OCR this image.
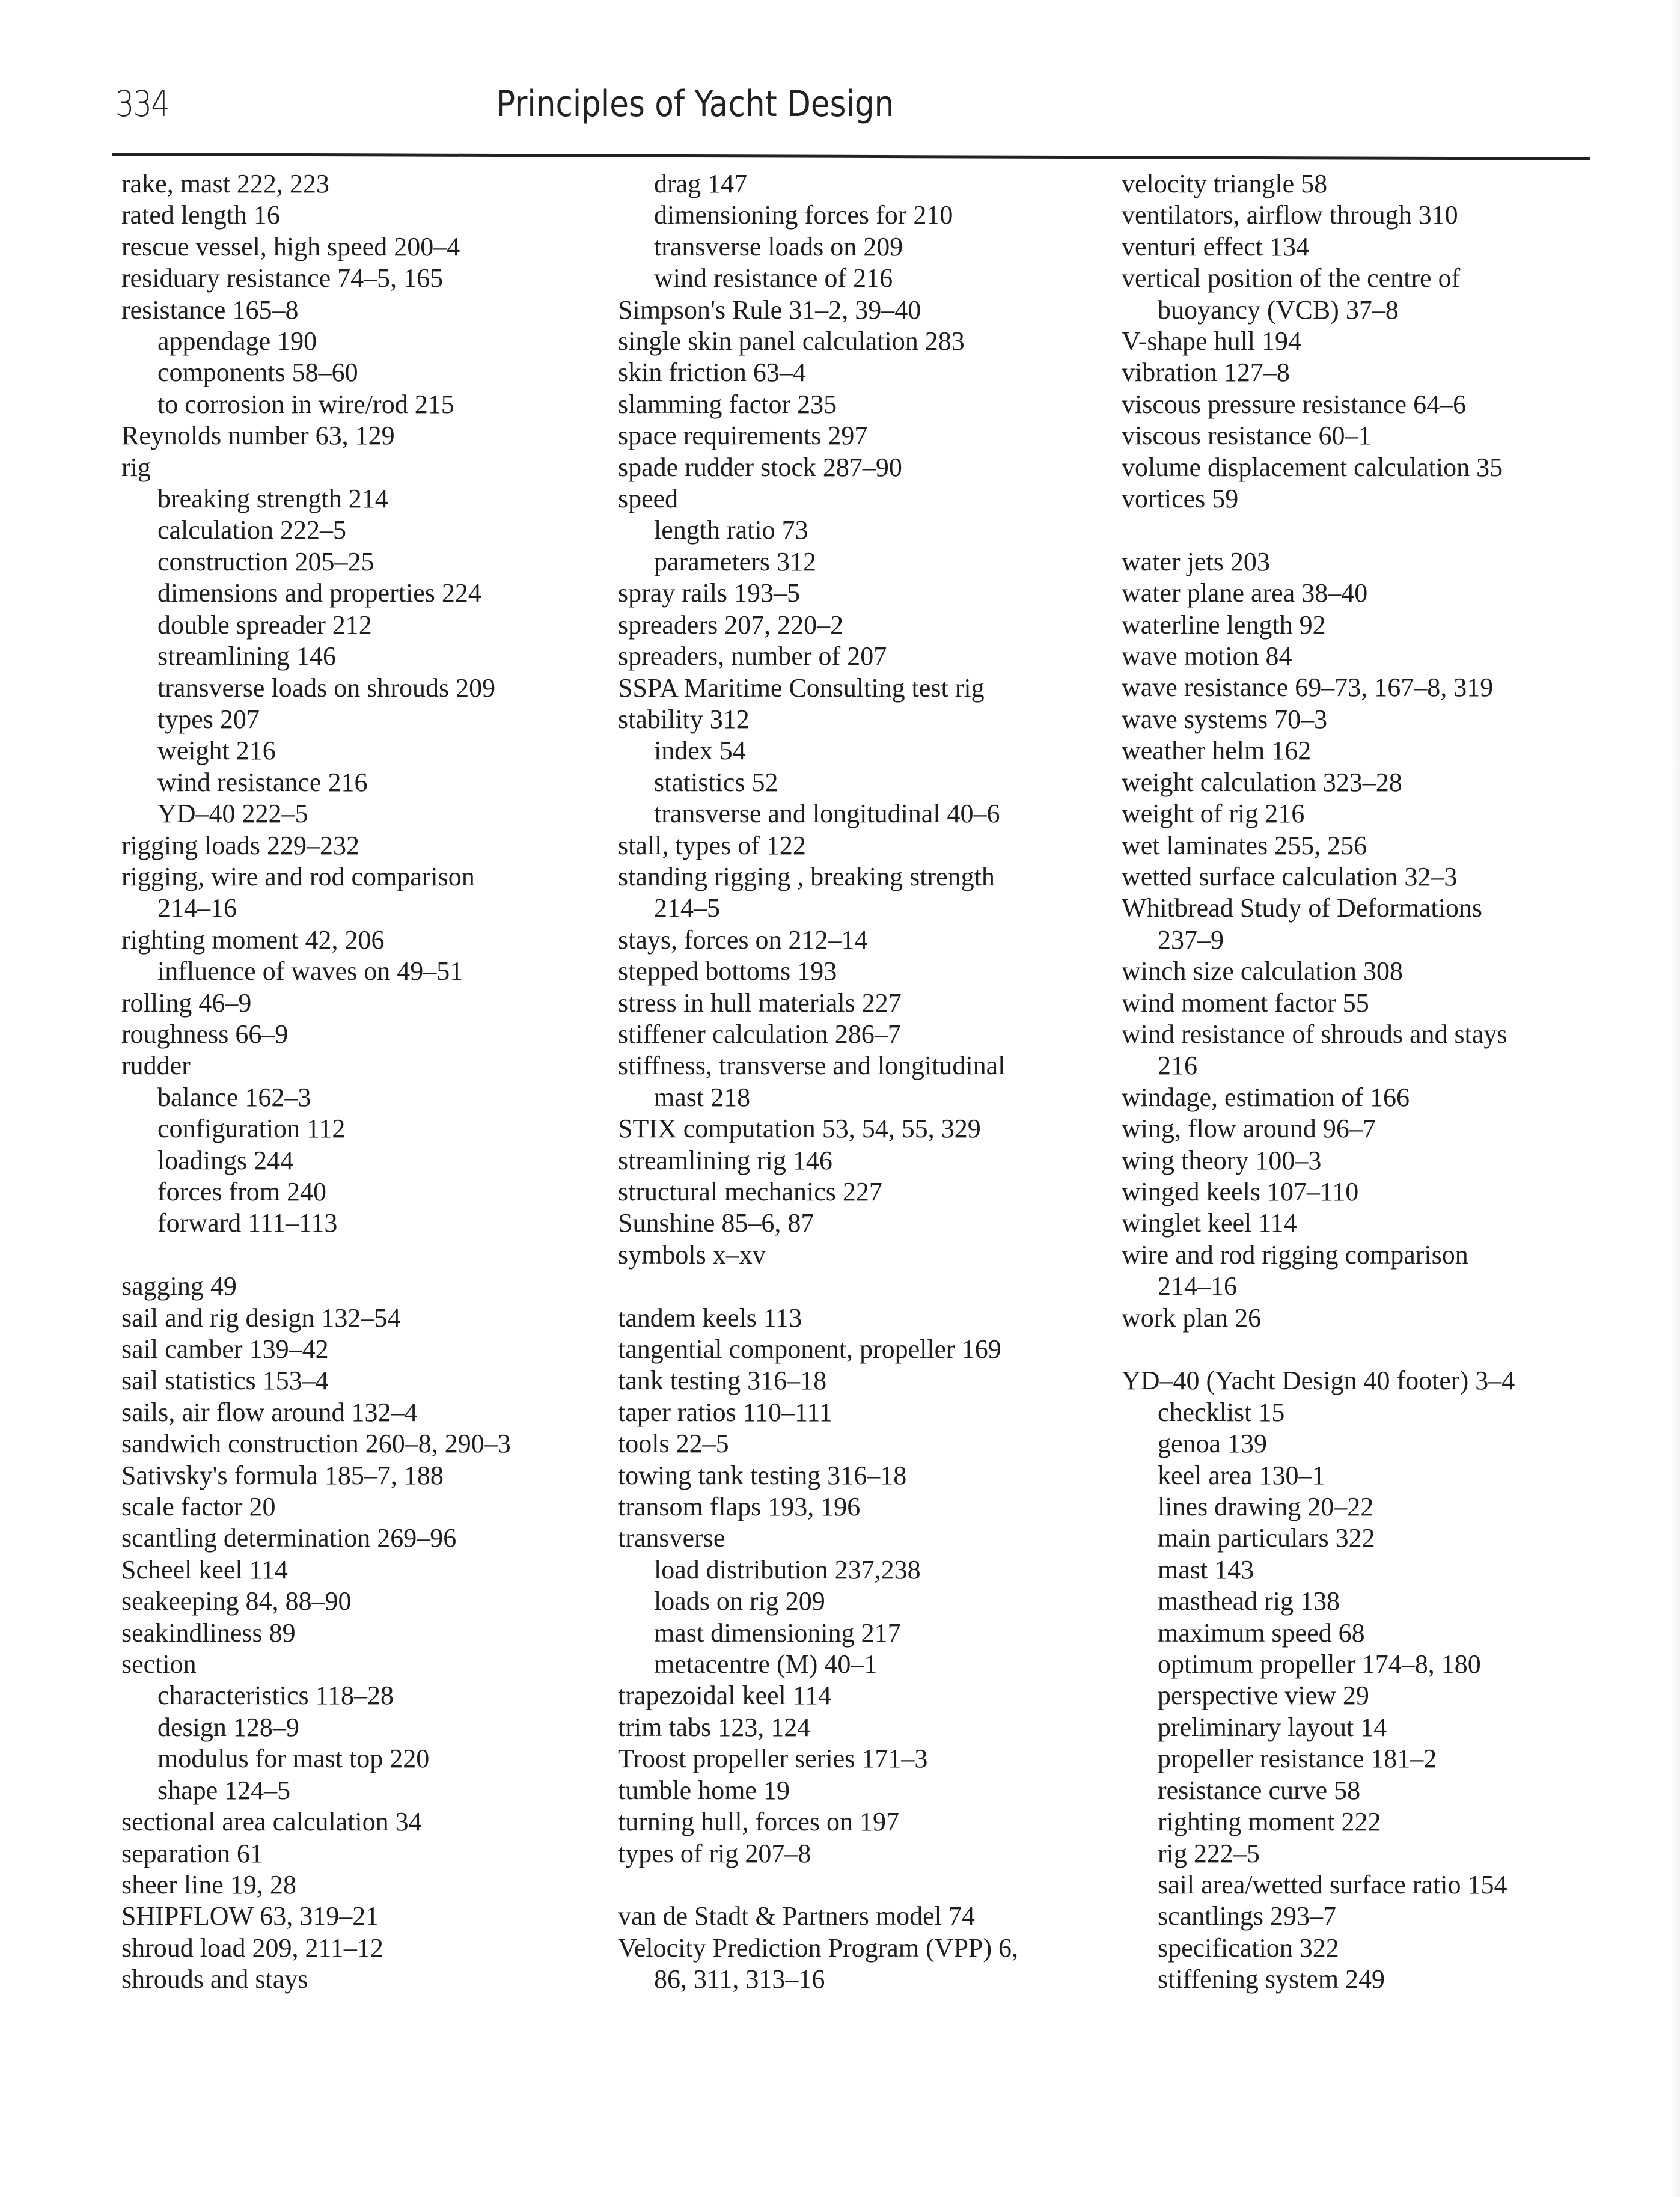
334	Principles of Yacht Design
rake, mast 222, 223
rated length 16
rescue vessel, high speed 200–4
residuary resistance 74–5, 165
resistance 165–8
appendage 190
components 58–60
to corrosion in wire/rod 215
Reynolds number 63, 129
rig
breaking strength 214
calculation 222–5
construction 205–25
dimensions and properties 224
double spreader 212
streamlining 146
transverse loads on shrouds 209
types 207
weight 216
wind resistance 216
YD–40 222–5
rigging loads 229–232
rigging, wire and rod comparison
214–16
righting moment 42, 206
influence of waves on 49–51
rolling 46–9
roughness 66–9
rudder
balance 162–3
configuration 112
loadings 244
forces from 240
forward 111–113
sagging 49
sail and rig design 132–54
sail camber 139–42
sail statistics 153–4
sails, air flow around 132–4
sandwich construction 260–8, 290–3
Sativsky's formula 185–7, 188
scale factor 20
scantling determination 269–96
Scheel keel 114
seakeeping 84, 88–90
seakindliness 89
section
characteristics 118–28
design 128–9
modulus for mast top 220
shape 124–5
sectional area calculation 34
separation 61
sheer line 19, 28
SHIPFLOW 63, 319–21
shroud load 209, 211–12
shrouds and stays
drag 147
dimensioning forces for 210
transverse loads on 209
wind resistance of 216
Simpson's Rule 31–2, 39–40
single skin panel calculation 283
skin friction 63–4
slamming factor 235
space requirements 297
spade rudder stock 287–90
speed
length ratio 73
parameters 312
spray rails 193–5
spreaders 207, 220–2
spreaders, number of 207
SSPA Maritime Consulting test rig
stability 312
index 54
statistics 52
transverse and longitudinal 40–6
stall, types of 122
standing rigging , breaking strength
214–5
stays, forces on 212–14
stepped bottoms 193
stress in hull materials 227
stiffener calculation 286–7
stiffness, transverse and longitudinal
mast 218
STIX computation 53, 54, 55, 329
streamlining rig 146
structural mechanics 227
Sunshine 85–6, 87
symbols x–xv
tandem keels 113
tangential component, propeller 169
tank testing 316–18
taper ratios 110–111
tools 22–5
towing tank testing 316–18
transom flaps 193, 196
transverse
load distribution 237,238
loads on rig 209
mast dimensioning 217
metacentre (M) 40–1
trapezoidal keel 114
trim tabs 123, 124
Troost propeller series 171–3
tumble home 19
turning hull, forces on 197
types of rig 207–8
van de Stadt & Partners model 74
Velocity Prediction Program (VPP) 6,
86, 311, 313–16
velocity triangle 58
ventilators, airflow through 310
venturi effect 134
vertical position of the centre of
buoyancy (VCB) 37–8
V-shape hull 194
vibration 127–8
viscous pressure resistance 64–6
viscous resistance 60–1
volume displacement calculation 35
vortices 59
water jets 203
water plane area 38–40
waterline length 92
wave motion 84
wave resistance 69–73, 167–8, 319
wave systems 70–3
weather helm 162
weight calculation 323–28
weight of rig 216
wet laminates 255, 256
wetted surface calculation 32–3
Whitbread Study of Deformations
237–9
winch size calculation 308
wind moment factor 55
wind resistance of shrouds and stays
216
windage, estimation of 166
wing, flow around 96–7
wing theory 100–3
winged keels 107–110
winglet keel 114
wire and rod rigging comparison
214–16
work plan 26
YD–40 (Yacht Design 40 footer) 3–4
checklist 15
genoa 139
keel area 130–1
lines drawing 20–22
main particulars 322
mast 143
masthead rig 138
maximum speed 68
optimum propeller 174–8, 180
perspective view 29
preliminary layout 14
propeller resistance 181–2
resistance curve 58
righting moment 222
rig 222–5
sail area/wetted surface ratio 154
scantlings 293–7
specification 322
stiffening system 249
